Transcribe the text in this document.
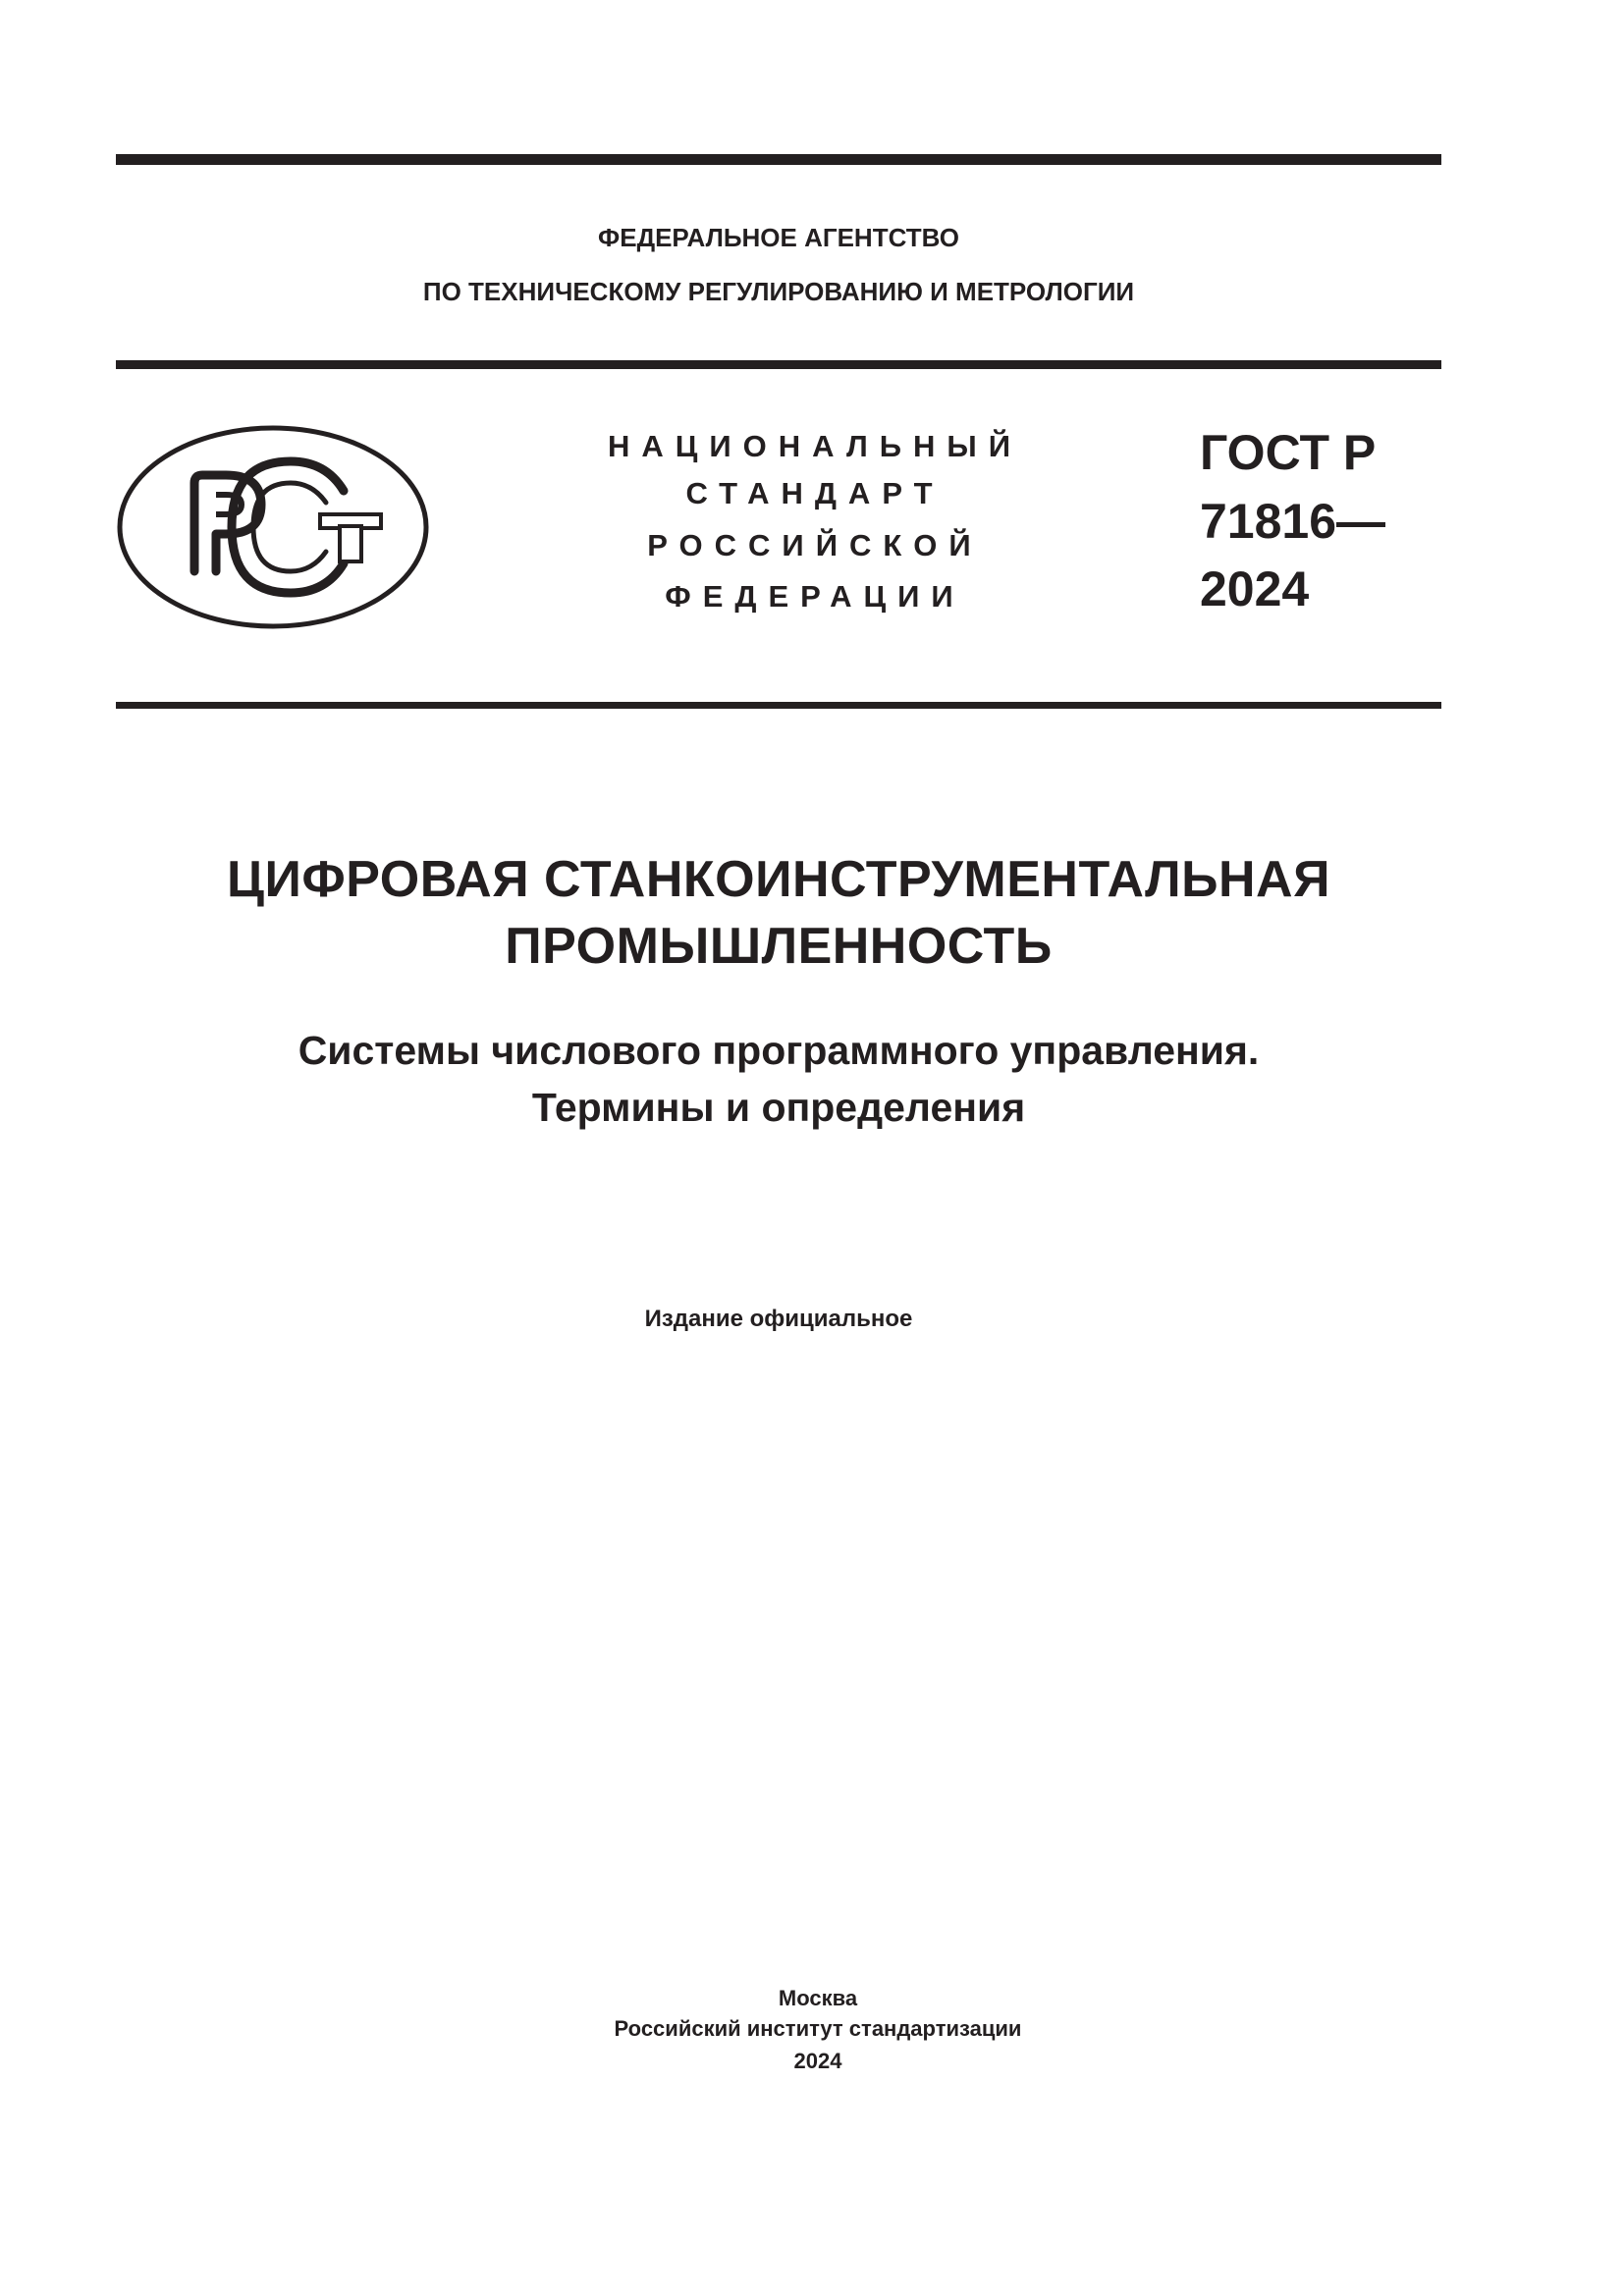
ФЕДЕРАЛЬНОЕ АГЕНТСТВО
ПО ТЕХНИЧЕСКОМУ РЕГУЛИРОВАНИЮ И МЕТРОЛОГИИ
НАЦИОНАЛЬНЫЙ
СТАНДАРТ
РОССИЙСКОЙ
ФЕДЕРАЦИИ
ГОСТ Р
71816—
2024
ЦИФРОВАЯ СТАНКОИНСТРУМЕНТАЛЬНАЯ
ПРОМЫШЛЕННОСТЬ
Системы числового программного управления.
Термины и определения
Издание официальное
Москва
Российский институт стандартизации
2024
